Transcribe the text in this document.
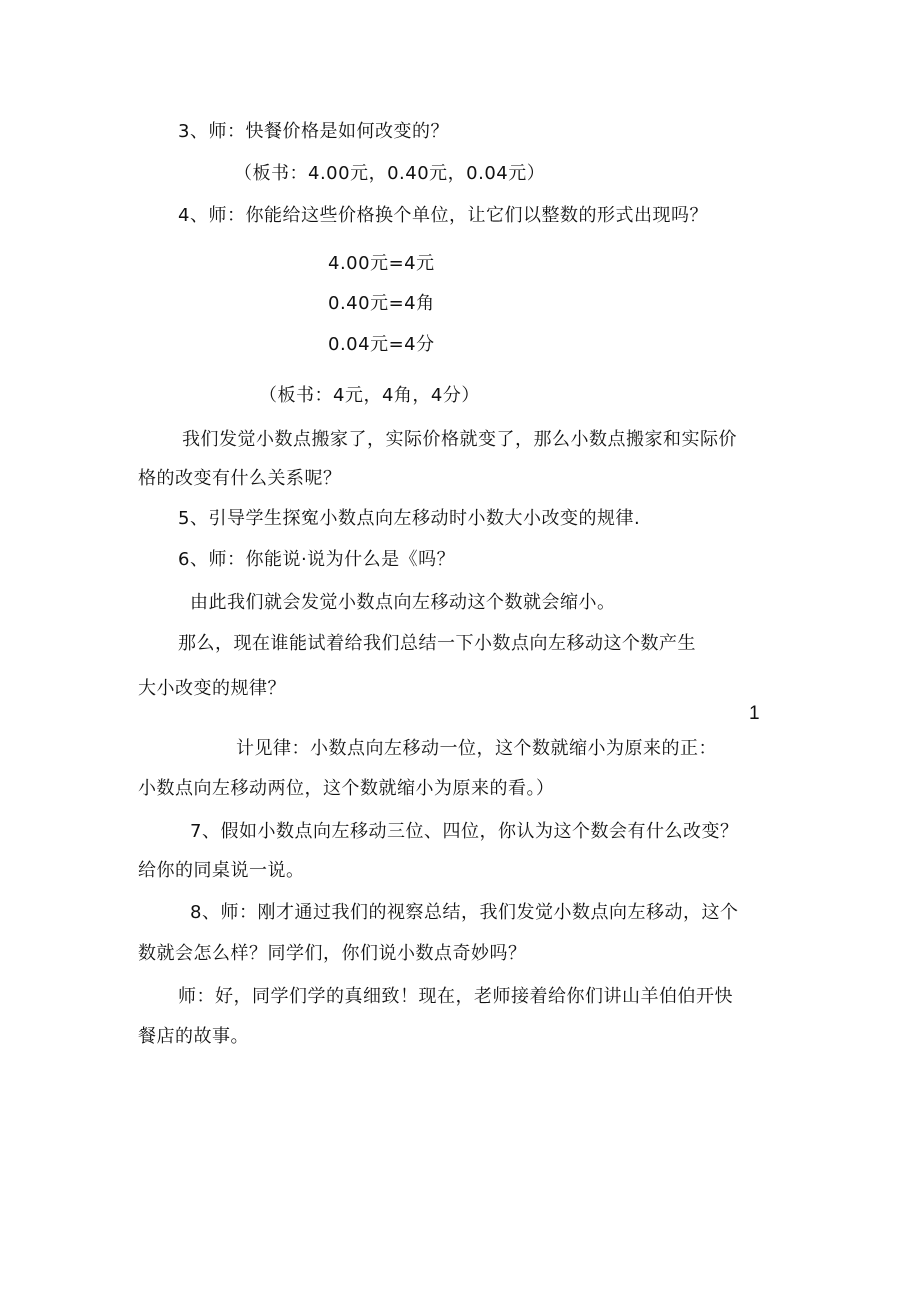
3、师：快餐价格是如何改变的？
（板书：4.00元，0.40元，0.04元）
4、师：你能给这些价格换个单位，让它们以整数的形式出现吗？
4.00元=4元
0.40元=4角
0.04元=4分
（板书：4元，4角，4分）
我们发觉小数点搬家了，实际价格就变了，那么小数点搬家和实际价
格的改变有什么关系呢？
5、引导学生探寃小数点向左移动时小数大小改变的规律.
6、师：你能说·说为什么是《吗？
由此我们就会发觉小数点向左移动这个数就会缩小。
那么，现在谁能试着给我们总结一下小数点向左移动这个数产生
大小改变的规律？
1
计见律：小数点向左移动一位，这个数就缩小为原来的正：
小数点向左移动两位，这个数就缩小为原来的看。）
7、假如小数点向左移动三位、四位，你认为这个数会有什么改变？
给你的同桌说一说。
8、师：刚才通过我们的视察总结，我们发觉小数点向左移动，这个
数就会怎么样？同学们，你们说小数点奇妙吗？
师：好，同学们学的真细致！现在，老师接着给你们讲山羊伯伯开快
餐店的故事。
